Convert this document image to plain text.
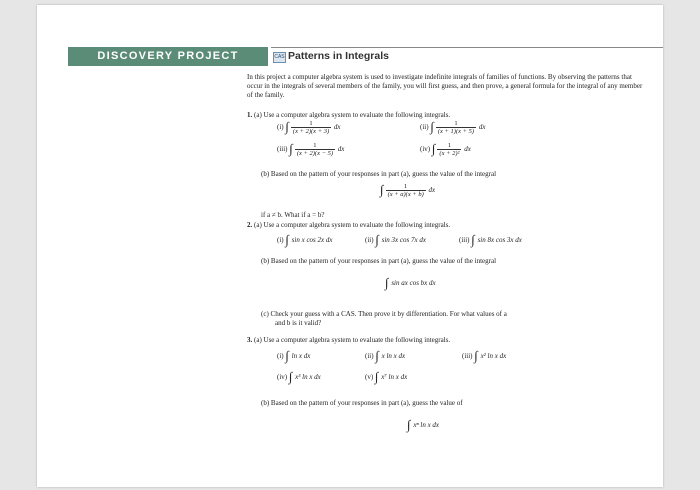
DISCOVERY PROJECT	CAS Patterns in Integrals

In this project a computer algebra system is used to investigate indefinite integrals of families of functions. By observing the patterns that occur in the integrals of several members of the family, you will first guess, and then prove, a general formula for the integral of any member of the family.

1. (a) Use a computer algebra system to evaluate the following integrals.
(i) ∫ $\frac{1}{(x + 2)(x + 3)}$ dx	(ii) ∫ $\frac{1}{(x + 1)(x + 5)}$ dx
(iii) ∫ $\frac{1}{(x + 2)(x - 5)}$ dx	(iv) ∫ $\frac{1}{\text{(x + 2)²}}$ dx
(b) Based on the pattern of your responses in part (a), guess the value of the integral
∫ $\frac{1}{(x + a)(x + b)}$ dx
if a ≠ b. What if a = b?
2. (a) Use a computer algebra system to evaluate the following integrals.
(i) ∫ sin x cos 2x dx	(ii) ∫ sin 3x cos 7x dx	(iii) ∫ sin 8x cos 3x dx
(b) Based on the pattern of your responses in part (a), guess the value of the integral
∫ sin ax cos bx dx
(c) Check your guess with a CAS. Then prove it by differentiation. For what values of a
and b is it valid?
3. (a) Use a computer algebra system to evaluate the following integrals.
(i) ∫ ln x dx	(ii) ∫ x ln x dx	(iii) ∫ x² ln x dx
(iv) ∫ x³ ln x dx	(v) ∫ x⁷ ln x dx
(b) Based on the pattern of your responses in part (a), guess the value of
∫ xⁿ ln x dx
